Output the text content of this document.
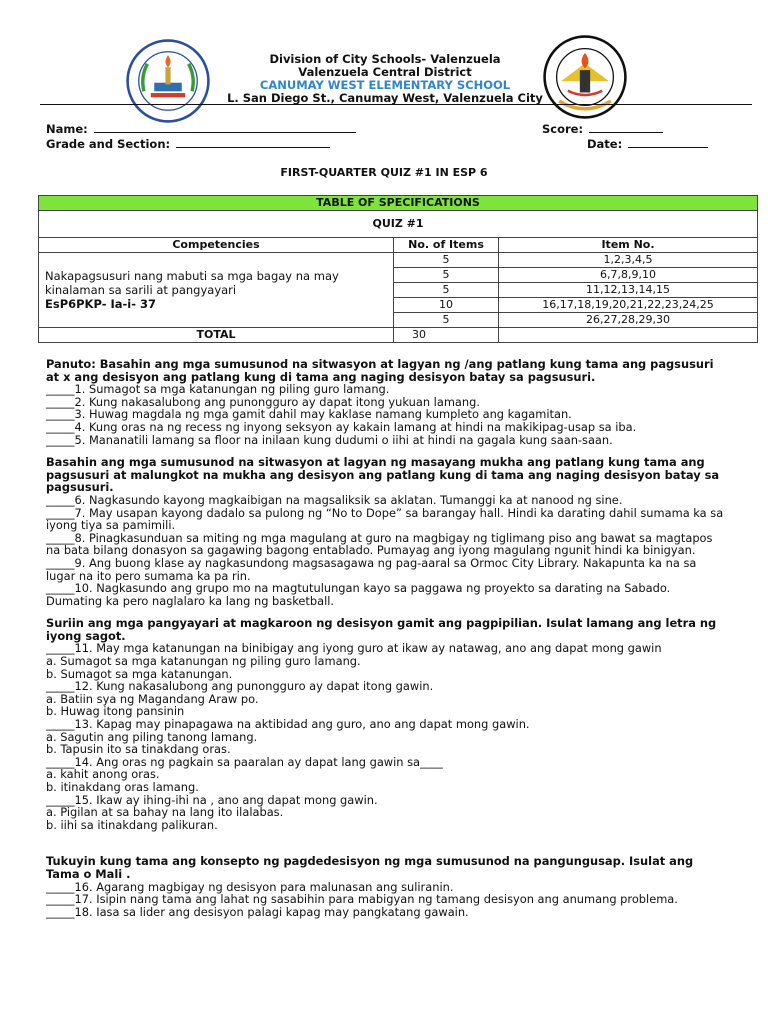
Division of City Schools- Valenzuela
Valenzuela Central District
CANUMAY WEST ELEMENTARY SCHOOL
L. San Diego St., Canumay West, Valenzuela City
Name:	Score:
Grade and Section:	Date:
FIRST-QUARTER QUIZ #1 IN ESP 6
TABLE OF SPECIFICATIONS		
QUIZ #1		
Competencies	No. of Items	Item No.

Nakapagsusuri nang mabuti sa mga bagay na may
kinalaman sa sarili at pangyayari
EsP6PKP- Ia-i- 37	5	1,2,3,4,5
	5	6,7,8,9,10
	5	11,12,13,14,15
	10	16,17,18,19,20,21,22,23,24,25
	5	26,27,28,29,30
TOTAL	30	

Panuto: Basahin ang mga sumusunod na sitwasyon at lagyan ng /ang patlang kung tama ang pagsusuri at x ang desisyon ang patlang kung di tama ang naging desisyon batay sa pagsusuri.

_____1. Sumagot sa mga katanungan ng piling guro lamang.

_____2. Kung nakasalubong ang punongguro ay dapat itong yukuan lamang.

_____3. Huwag magdala ng mga gamit dahil may kaklase namang kumpleto ang kagamitan.

_____4. Kung oras na ng recess ng inyong seksyon ay kakain lamang at hindi na makikipag-usap sa iba.

_____5. Mananatili lamang sa floor na inilaan kung dudumi o iihi at hindi na gagala kung saan-saan.

Basahin ang mga sumusunod na sitwasyon at lagyan ng masayang mukha ang patlang kung tama ang pagsusuri at malungkot na mukha ang desisyon ang patlang kung di tama ang naging desisyon batay sa pagsusuri.

_____6. Nagkasundo kayong magkaibigan na magsaliksik sa aklatan. Tumanggi ka at nanood ng sine.

_____7. May usapan kayong dadalo sa pulong ng “No to Dope” sa barangay hall. Hindi ka darating dahil sumama ka sa iyong tiya sa pamimili.

_____8. Pinagkasunduan sa miting ng mga magulang at guro na magbigay ng tiglimang piso ang bawat sa magtapos na bata bilang donasyon sa gagawing bagong entablado. Pumayag ang iyong magulang ngunit hindi ka binigyan.

_____9. Ang buong klase ay nagkasundong magsasagawa ng pag-aaral sa Ormoc City Library. Nakapunta ka na sa lugar na ito pero sumama ka pa rin.

_____10. Nagkasundo ang grupo mo na magtutulungan kayo sa paggawa ng proyekto sa darating na Sabado. Dumating ka pero naglalaro ka lang ng basketball.

Suriin ang mga pangyayari at magkaroon ng desisyon gamit ang pagpipilian. Isulat lamang ang letra ng iyong sagot.

_____11. May mga katanungan na binibigay ang iyong guro at ikaw ay natawag, ano ang dapat mong gawin

a. Sumagot sa mga katanungan ng piling guro lamang.

b. Sumagot sa mga katanungan.

_____12. Kung nakasalubong ang punongguro ay dapat itong gawin.

a. Batiin sya ng Magandang Araw po.

b. Huwag itong pansinin

_____13. Kapag may pinapagawa na aktibidad ang guro, ano ang dapat mong gawin.

a. Sagutin ang piling tanong lamang.

b. Tapusin ito sa tinakdang oras.

_____14. Ang oras ng pagkain sa paaralan ay dapat lang gawin sa____

a. kahit anong oras.

b. itinakdang oras lamang.

_____15. Ikaw ay ihing-ihi na , ano ang dapat mong gawin.

a. Pigilan at sa bahay na lang ito ilalabas.

b. iihi sa itinakdang palikuran.

Tukuyin kung tama ang konsepto ng pagdedesisyon ng mga sumusunod na pangungusap. Isulat ang Tama o Mali .

_____16. Agarang magbigay ng desisyon para malunasan ang suliranin.

_____17. Isipin nang tama ang lahat ng sasabihin para mabigyan ng tamang desisyon ang anumang problema.

_____18. Iasa sa lider ang desisyon palagi kapag may pangkatang gawain.
